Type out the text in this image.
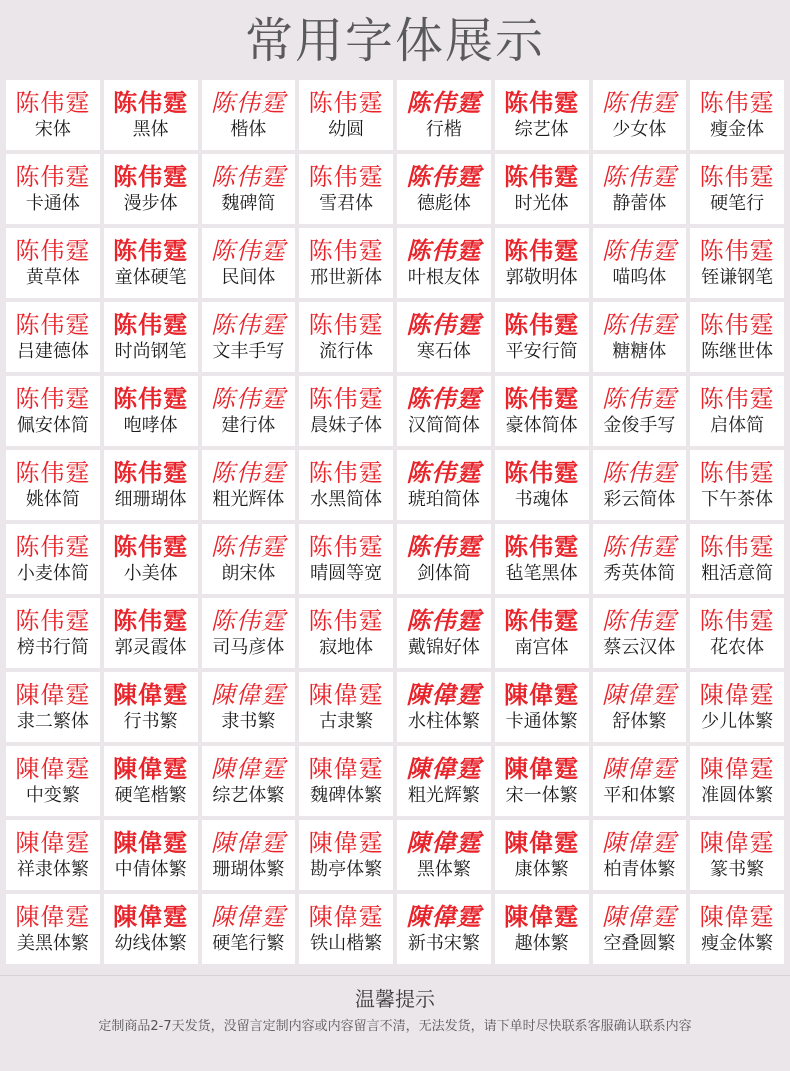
常用字体展示
陈伟霆
宋体
陈伟霆
黑体
陈伟霆
楷体
陈伟霆
幼圆
陈伟霆
行楷
陈伟霆
综艺体
陈伟霆
少女体
陈伟霆
瘦金体
陈伟霆
卡通体
陈伟霆
漫步体
陈伟霆
魏碑简
陈伟霆
雪君体
陈伟霆
德彪体
陈伟霆
时光体
陈伟霆
静蕾体
陈伟霆
硬笔行
陈伟霆
黄草体
陈伟霆
童体硬笔
陈伟霆
民间体
陈伟霆
邢世新体
陈伟霆
叶根友体
陈伟霆
郭敬明体
陈伟霆
喵呜体
陈伟霆
铚谦钢笔
陈伟霆
吕建德体
陈伟霆
时尚钢笔
陈伟霆
文丰手写
陈伟霆
流行体
陈伟霆
寒石体
陈伟霆
平安行简
陈伟霆
糖糖体
陈伟霆
陈继世体
陈伟霆
佩安体简
陈伟霆
咆哮体
陈伟霆
建行体
陈伟霆
晨妹子体
陈伟霆
汉简简体
陈伟霆
豪体简体
陈伟霆
金俊手写
陈伟霆
启体简
陈伟霆
姚体简
陈伟霆
细珊瑚体
陈伟霆
粗光辉体
陈伟霆
水黑简体
陈伟霆
琥珀简体
陈伟霆
书魂体
陈伟霆
彩云简体
陈伟霆
下午茶体
陈伟霆
小麦体简
陈伟霆
小美体
陈伟霆
朗宋体
陈伟霆
晴圆等宽
陈伟霆
剑体简
陈伟霆
毡笔黑体
陈伟霆
秀英体简
陈伟霆
粗活意简
陈伟霆
榜书行简
陈伟霆
郭灵霞体
陈伟霆
司马彦体
陈伟霆
寂地体
陈伟霆
戴锦好体
陈伟霆
南宫体
陈伟霆
蔡云汉体
陈伟霆
花农体
陳偉霆
隶二繁体
陳偉霆
行书繁
陳偉霆
隶书繁
陳偉霆
古隶繁
陳偉霆
水柱体繁
陳偉霆
卡通体繁
陳偉霆
舒体繁
陳偉霆
少儿体繁
陳偉霆
中变繁
陳偉霆
硬笔楷繁
陳偉霆
综艺体繁
陳偉霆
魏碑体繁
陳偉霆
粗光辉繁
陳偉霆
宋一体繁
陳偉霆
平和体繁
陳偉霆
准圆体繁
陳偉霆
祥隶体繁
陳偉霆
中倩体繁
陳偉霆
珊瑚体繁
陳偉霆
勘亭体繁
陳偉霆
黑体繁
陳偉霆
康体繁
陳偉霆
柏青体繁
陳偉霆
篆书繁
陳偉霆
美黑体繁
陳偉霆
幼线体繁
陳偉霆
硬笔行繁
陳偉霆
铁山楷繁
陳偉霆
新书宋繁
陳偉霆
趣体繁
陳偉霆
空叠圆繁
陳偉霆
瘦金体繁
温馨提示
定制商品2-7天发货，没留言定制内容或内容留言不清，无法发货，请下单时尽快联系客服确认联系内容
